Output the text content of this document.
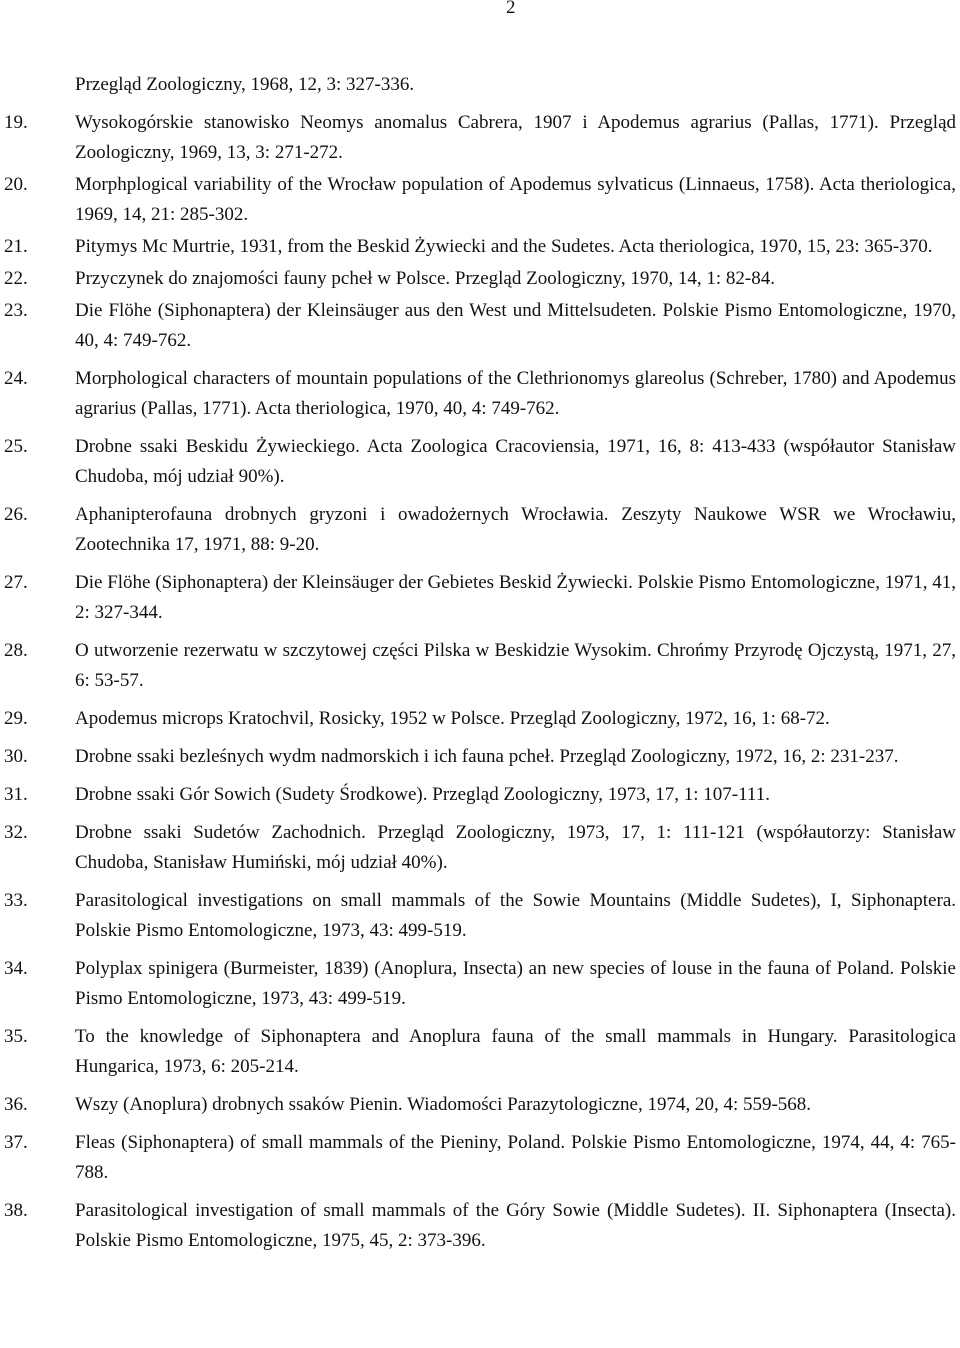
2
Przegląd Zoologiczny, 1968, 12, 3: 327-336.
19. Wysokogórskie stanowisko Neomys anomalus Cabrera, 1907 i Apodemus agrarius (Pallas, 1771). Przegląd Zoologiczny, 1969, 13, 3: 271-272.
20. Morphplogical variability of the Wrocław population of Apodemus sylvaticus (Linnaeus, 1758). Acta theriologica, 1969, 14, 21: 285-302.
21. Pitymys Mc Murtrie, 1931, from the Beskid Żywiecki and the Sudetes. Acta theriologica, 1970, 15, 23: 365-370.
22. Przyczynek do znajomości fauny pcheł w Polsce. Przegląd Zoologiczny, 1970, 14, 1: 82-84.
23. Die Flöhe (Siphonaptera) der Kleinsäuger aus den West und Mittelsudeten. Polskie Pismo Entomologiczne, 1970, 40, 4: 749-762.
24. Morphological characters of mountain populations of the Clethrionomys glareolus (Schreber, 1780) and Apodemus agrarius (Pallas, 1771). Acta theriologica, 1970, 40, 4: 749-762.
25. Drobne ssaki Beskidu Żywieckiego. Acta Zoologica Cracoviensia, 1971, 16, 8: 413-433 (współautor Stanisław Chudoba, mój udział 90%).
26. Aphanipterofauna drobnych gryzoni i owadożernych Wrocławia. Zeszyty Naukowe WSR we Wrocławiu, Zootechnika 17, 1971, 88: 9-20.
27. Die Flöhe (Siphonaptera) der Kleinsäuger der Gebietes Beskid Żywiecki. Polskie Pismo Entomologiczne, 1971, 41, 2: 327-344.
28. O utworzenie rezerwatu w szczytowej części Pilska w Beskidzie Wysokim. Chrońmy Przyrodę Ojczystą, 1971, 27, 6: 53-57.
29. Apodemus microps Kratochvil, Rosicky, 1952 w Polsce. Przegląd Zoologiczny, 1972, 16, 1: 68-72.
30. Drobne ssaki bezleśnych wydm nadmorskich i ich fauna pcheł. Przegląd Zoologiczny, 1972, 16, 2: 231-237.
31. Drobne ssaki Gór Sowich (Sudety Środkowe). Przegląd Zoologiczny, 1973, 17, 1: 107-111.
32. Drobne ssaki Sudetów Zachodnich. Przegląd Zoologiczny, 1973, 17, 1: 111-121 (współautorzy: Stanisław Chudoba, Stanisław Humiński, mój udział 40%).
33. Parasitological investigations on small mammals of the Sowie Mountains (Middle Sudetes), I, Siphonaptera. Polskie Pismo Entomologiczne, 1973, 43: 499-519.
34. Polyplax spinigera (Burmeister, 1839) (Anoplura, Insecta) an new species of louse in the fauna of Poland. Polskie Pismo Entomologiczne, 1973, 43: 499-519.
35. To the knowledge of Siphonaptera and Anoplura fauna of the small mammals in Hungary. Parasitologica Hungarica, 1973, 6: 205-214.
36. Wszy (Anoplura) drobnych ssaków Pienin. Wiadomości Parazytologiczne, 1974, 20, 4: 559-568.
37. Fleas (Siphonaptera) of small mammals of the Pieniny, Poland. Polskie Pismo Entomologiczne, 1974, 44, 4: 765- 788.
38. Parasitological investigation of small mammals of the Góry Sowie (Middle Sudetes). II. Siphonaptera (Insecta). Polskie Pismo Entomologiczne, 1975, 45, 2: 373-396.
